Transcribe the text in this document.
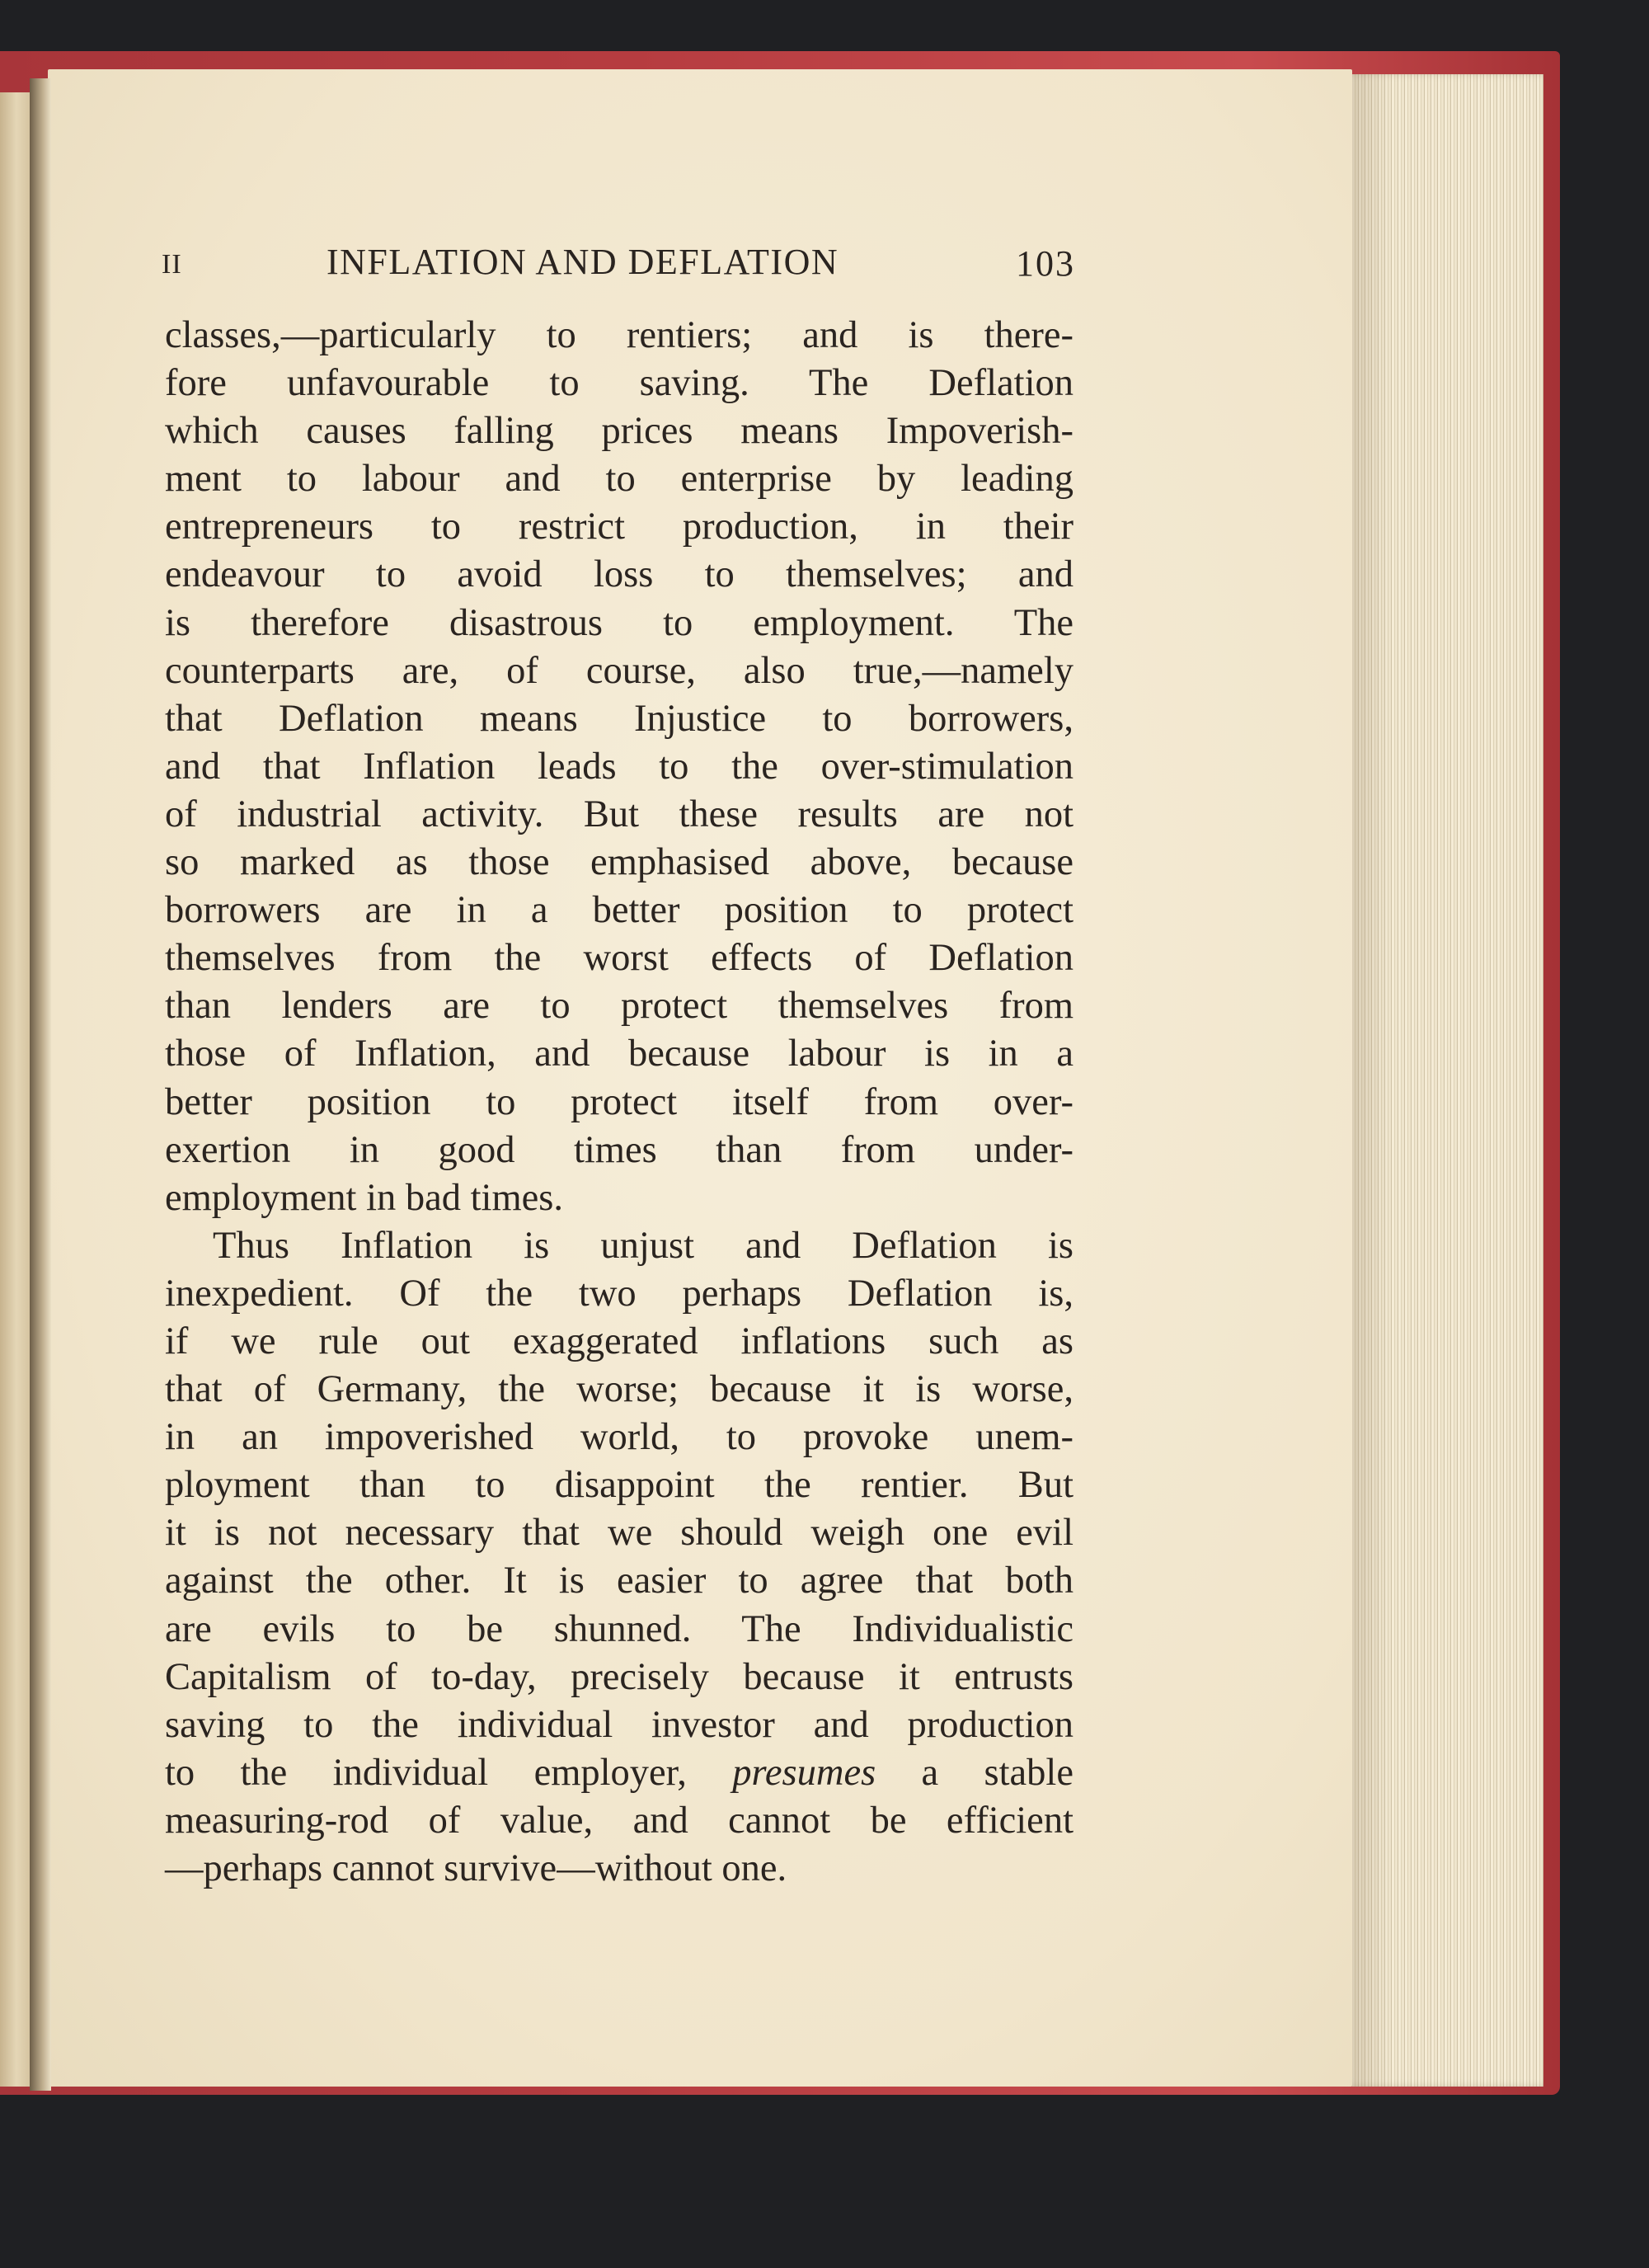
II	INFLATION AND DEFLATION	103
classes,—particularly to rentiers; and is there-
fore unfavourable to saving. The Deflation
which causes falling prices means Impoverish-
ment to labour and to enterprise by leading
entrepreneurs to restrict production, in their
endeavour to avoid loss to themselves; and
is therefore disastrous to employment. The
counterparts are, of course, also true,—namely
that Deflation means Injustice to borrowers,
and that Inflation leads to the over-stimulation
of industrial activity. But these results are not
so marked as those emphasised above, because
borrowers are in a better position to protect
themselves from the worst effects of Deflation
than lenders are to protect themselves from
those of Inflation, and because labour is in a
better position to protect itself from over-
exertion in good times than from under-
employment in bad times.
Thus Inflation is unjust and Deflation is
inexpedient. Of the two perhaps Deflation is,
if we rule out exaggerated inflations such as
that of Germany, the worse; because it is worse,
in an impoverished world, to provoke unem-
ployment than to disappoint the rentier. But
it is not necessary that we should weigh one evil
against the other. It is easier to agree that both
are evils to be shunned. The Individualistic
Capitalism of to-day, precisely because it entrusts
saving to the individual investor and production
to the individual employer, presumes a stable
measuring-rod of value, and cannot be efficient
—perhaps cannot survive—without one.
